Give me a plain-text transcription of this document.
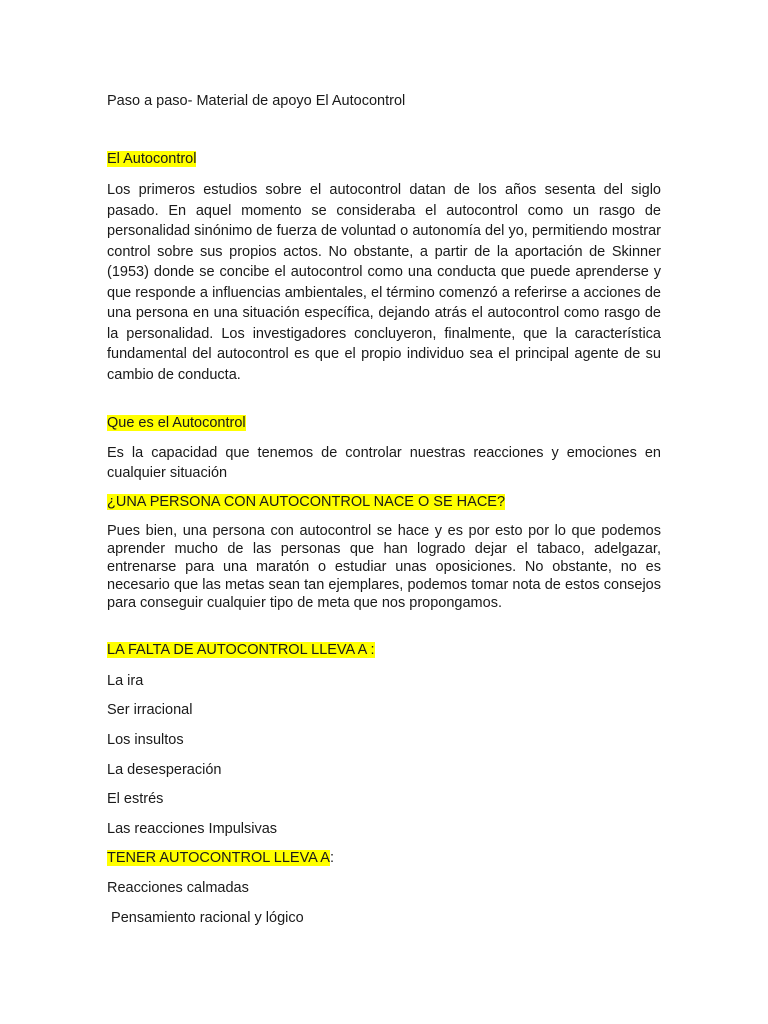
Paso a paso- Material de apoyo El Autocontrol
El Autocontrol
Los primeros estudios sobre el autocontrol datan de los años sesenta del siglo pasado. En aquel momento se consideraba el autocontrol como un rasgo de personalidad sinónimo de fuerza de voluntad o autonomía del yo, permitiendo mostrar control sobre sus propios actos. No obstante, a partir de la aportación de Skinner (1953) donde se concibe el autocontrol como una conducta que puede aprenderse y que responde a influencias ambientales, el término comenzó a referirse a acciones de una persona en una situación específica, dejando atrás el autocontrol como rasgo de la personalidad. Los investigadores concluyeron, finalmente, que la característica fundamental del autocontrol es que el propio individuo sea el principal agente de su cambio de conducta.
Que es el Autocontrol
Es la capacidad que tenemos de controlar nuestras reacciones y emociones en cualquier situación
¿UNA PERSONA CON AUTOCONTROL NACE O SE HACE?
Pues bien, una persona con autocontrol se hace y es por esto por lo que podemos aprender mucho de las personas que han logrado dejar el tabaco, adelgazar, entrenarse para una maratón o estudiar unas oposiciones. No obstante, no es necesario que las metas sean tan ejemplares, podemos tomar nota de estos consejos para conseguir cualquier tipo de meta que nos propongamos.
LA FALTA DE AUTOCONTROL LLEVA A :
La ira
Ser irracional
Los insultos
La desesperación
El estrés
Las reacciones Impulsivas
TENER AUTOCONTROL LLEVA A:
Reacciones calmadas
Pensamiento racional y lógico
